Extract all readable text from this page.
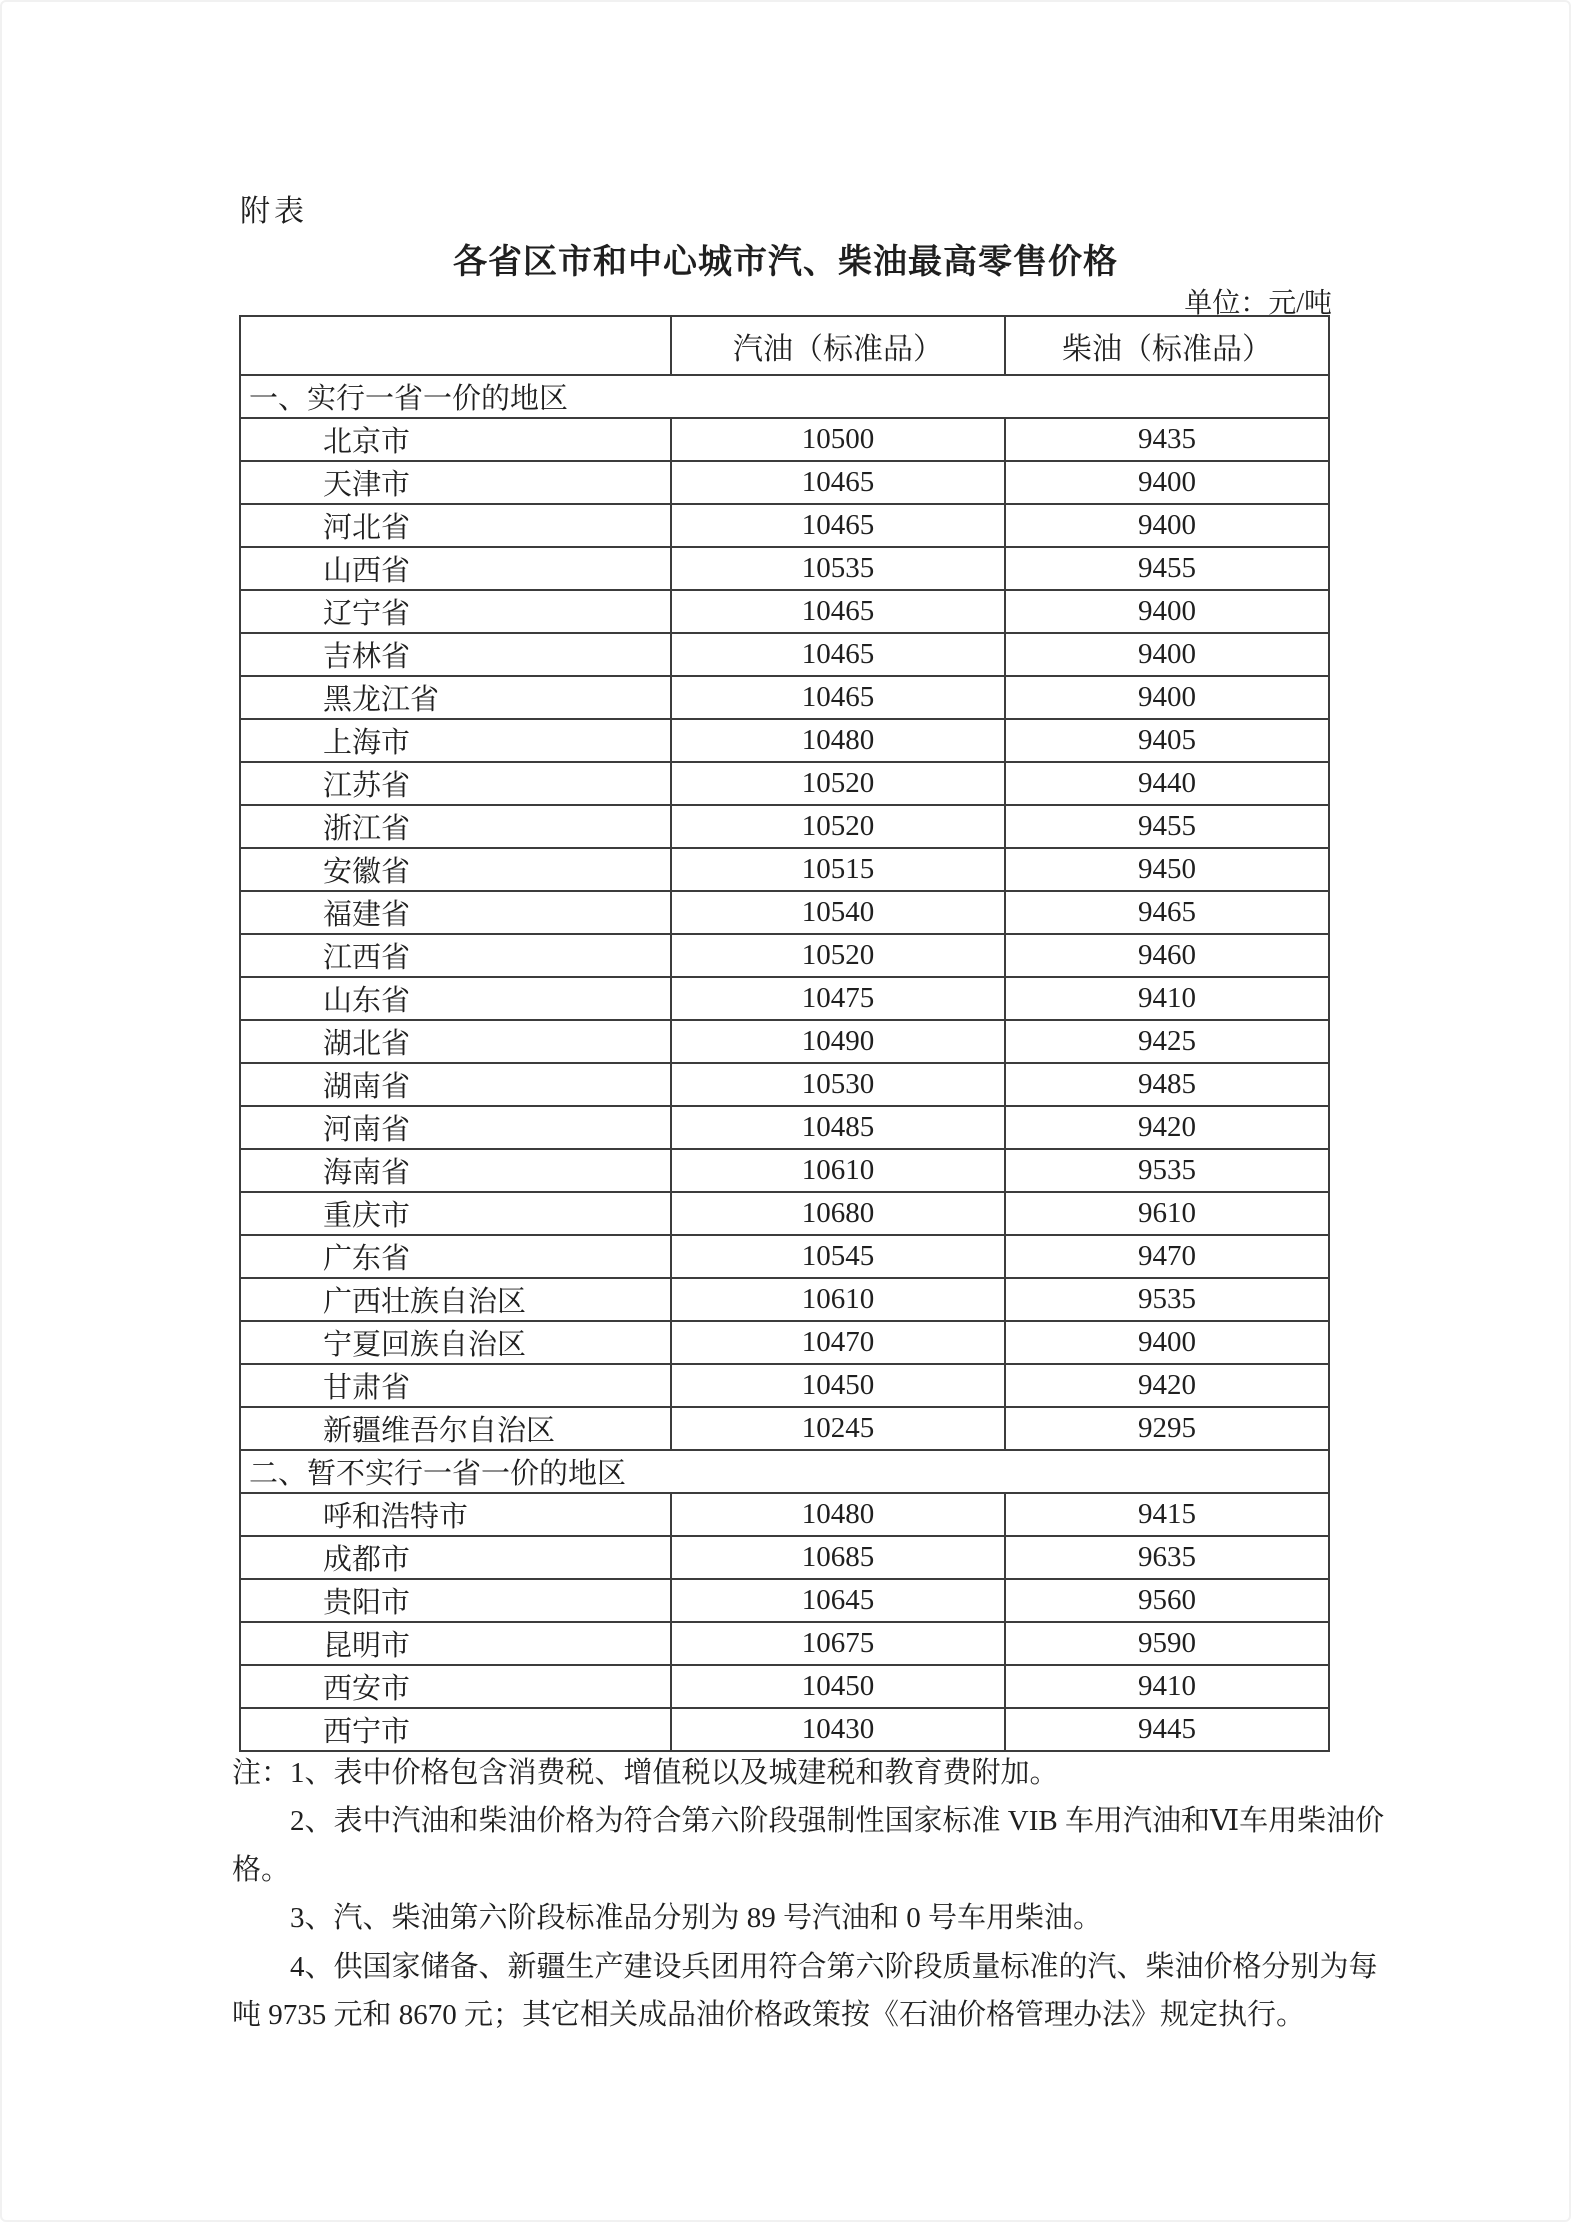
附表
各省区市和中心城市汽、柴油最高零售价格
单位：元/吨
	汽油（标准品）	柴油（标准品）
一、实行一省一价的地区		
北京市	10500	9435
天津市	10465	9400
河北省	10465	9400
山西省	10535	9455
辽宁省	10465	9400
吉林省	10465	9400
黑龙江省	10465	9400
上海市	10480	9405
江苏省	10520	9440
浙江省	10520	9455
安徽省	10515	9450
福建省	10540	9465
江西省	10520	9460
山东省	10475	9410
湖北省	10490	9425
湖南省	10530	9485
河南省	10485	9420
海南省	10610	9535
重庆市	10680	9610
广东省	10545	9470
广西壮族自治区	10610	9535
宁夏回族自治区	10470	9400
甘肃省	10450	9420
新疆维吾尔自治区	10245	9295
二、暂不实行一省一价的地区		
呼和浩特市	10480	9415
成都市	10685	9635
贵阳市	10645	9560
昆明市	10675	9590
西安市	10450	9410
西宁市	10430	9445
注：1、表中价格包含消费税、增值税以及城建税和教育费附加。
2、表中汽油和柴油价格为符合第六阶段强制性国家标准 VIB 车用汽油和Ⅵ车用柴油价
格。
3、汽、柴油第六阶段标准品分别为 89 号汽油和 0 号车用柴油。
4、供国家储备、新疆生产建设兵团用符合第六阶段质量标准的汽、柴油价格分别为每
吨 9735 元和 8670 元；其它相关成品油价格政策按《石油价格管理办法》规定执行。
